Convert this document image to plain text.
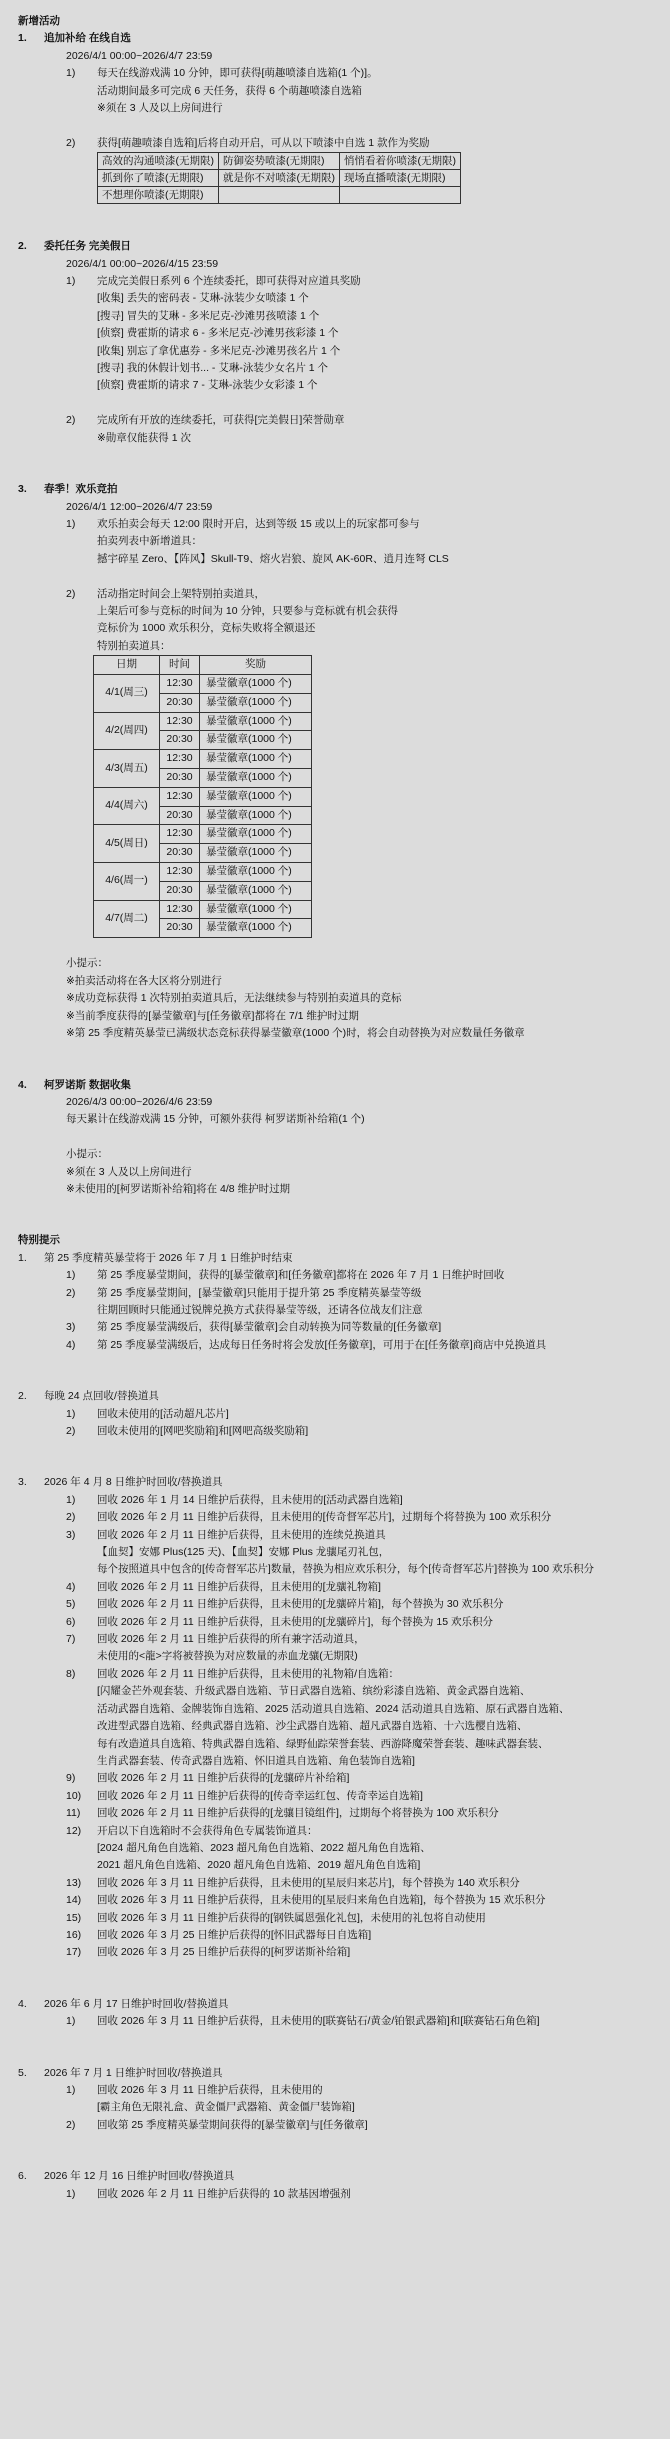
新增活动
1.	追加补给 在线自选
2026/4/1 00:00~2026/4/7 23:59
1) 每天在线游戏满 10 分钟，即可获得[萌趣喷漆自选箱(1 个)]。
活动期间最多可完成 6 天任务，获得 6 个萌趣喷漆自选箱
※须在 3 人及以上房间进行
2) 获得[萌趣喷漆自选箱]后将自动开启，可从以下喷漆中自选 1 款作为奖励
高效的沟通喷漆(无期限)	防御姿势喷漆(无期限)	悄悄看着你喷漆(无期限)
抓到你了喷漆(无期限)	就是你不对喷漆(无期限)	现场直播喷漆(无期限)
不想理你喷漆(无期限)		
2.	委托任务 完美假日
2026/4/1 00:00~2026/4/15 23:59
1) 完成完美假日系列 6 个连续委托，即可获得对应道具奖励
[收集] 丢失的密码表 - 艾琳-泳装少女喷漆 1 个
[搜寻] 冒失的艾琳 - 多米尼克-沙滩男孩喷漆 1 个
[侦察] 费霍斯的请求 6 - 多米尼克-沙滩男孩彩漆 1 个
[收集] 别忘了拿优惠券 - 多米尼克-沙滩男孩名片 1 个
[搜寻] 我的休假计划书... - 艾琳-泳装少女名片 1 个
[侦察] 费霍斯的请求 7 - 艾琳-泳装少女彩漆 1 个
2) 完成所有开放的连续委托，可获得[完美假日]荣誉勋章
※勋章仅能获得 1 次
3.	春季！欢乐竞拍
2026/4/1 12:00~2026/4/7 23:59
1) 欢乐拍卖会每天 12:00 限时开启，达到等级 15 或以上的玩家都可参与
拍卖列表中新增道具：
撼宇碎星 Zero、【阵风】Skull-T9、熔火岩狼、旋风 AK-60R、逍月连弩 CLS
2) 活动指定时间会上架特别拍卖道具，
上架后可参与竞标的时间为 10 分钟，只要参与竞标就有机会获得
竞标价为 1000 欢乐积分，竞标失败将全额退还
特别拍卖道具：
日期	时间	奖励
4/1(周三)	12:30	暴莹徽章(1000 个)
	20:30	暴莹徽章(1000 个)
4/2(周四)	12:30	暴莹徽章(1000 个)
	20:30	暴莹徽章(1000 个)
4/3(周五)	12:30	暴莹徽章(1000 个)
	20:30	暴莹徽章(1000 个)
4/4(周六)	12:30	暴莹徽章(1000 个)
	20:30	暴莹徽章(1000 个)
4/5(周日)	12:30	暴莹徽章(1000 个)
	20:30	暴莹徽章(1000 个)
4/6(周一)	12:30	暴莹徽章(1000 个)
	20:30	暴莹徽章(1000 个)
4/7(周二)	12:30	暴莹徽章(1000 个)
	20:30	暴莹徽章(1000 个)
小提示：
※拍卖活动将在各大区将分别进行
※成功竞标获得 1 次特别拍卖道具后，无法继续参与特别拍卖道具的竞标
※当前季度获得的[暴莹徽章]与[任务徽章]都将在 7/1 维护时过期
※第 25 季度精英暴莹已满级状态竞标获得暴莹徽章(1000 个)时，将会自动替换为对应数量任务徽章
4.	柯罗诺斯 数据收集
2026/4/3 00:00~2026/4/6 23:59
每天累计在线游戏满 15 分钟，可额外获得 柯罗诺斯补给箱(1 个)
小提示：
※须在 3 人及以上房间进行
※未使用的[柯罗诺斯补给箱]将在 4/8 维护时过期
特别提示
1.	第 25 季度精英暴莹将于 2026 年 7 月 1 日维护时结束
1) 第 25 季度暴莹期间，获得的[暴莹徽章]和[任务徽章]都将在 2026 年 7 月 1 日维护时回收
2) 第 25 季度暴莹期间，[暴莹徽章]只能用于提升第 25 季度精英暴莹等级
往期回顾时只能通过锐牌兑换方式获得暴莹等级，还请各位战友们注意
3) 第 25 季度暴莹满级后，获得[暴莹徽章]会自动转换为同等数量的[任务徽章]
4) 第 25 季度暴莹满级后，达成每日任务时将会发放[任务徽章]，可用于在[任务徽章]商店中兑换道具
2.	每晚 24 点回收/替换道具
1) 回收未使用的[活动超凡芯片]
2) 回收未使用的[网吧奖励箱]和[网吧高级奖励箱]
3.	2026 年 4 月 8 日维护时回收/替换道具
1) 回收 2026 年 1 月 14 日维护后获得，且未使用的[活动武器自选箱]
2) 回收 2026 年 2 月 11 日维护后获得，且未使用的[传奇督军芯片]，过期每个将替换为 100 欢乐积分
3) 回收 2026 年 2 月 11 日维护后获得，且未使用的连续兑换道具
【血契】安娜 Plus(125 天)、【血契】安娜 Plus 龙骧尾刃礼包，
每个按照道具中包含的[传奇督军芯片]数量，替换为相应欢乐积分，每个[传奇督军芯片]替换为 100 欢乐积分
4) 回收 2026 年 2 月 11 日维护后获得，且未使用的[龙骧礼物箱]
5) 回收 2026 年 2 月 11 日维护后获得，且未使用的[龙骧碎片箱]，每个替换为 30 欢乐积分
6) 回收 2026 年 2 月 11 日维护后获得，且未使用的[龙骧碎片]，每个替换为 15 欢乐积分
7) 回收 2026 年 2 月 11 日维护后获得的所有兼字活动道具，
未使用的<龍>字将被替换为对应数量的赤血龙骧(无期限)
8) 回收 2026 年 2 月 11 日维护后获得，且未使用的礼物箱/自选箱：
[闪耀金芒外观套装、升级武器自选箱、节日武器自选箱、缤纷彩漆自选箱、黄金武器自选箱、
活动武器自选箱、金牌装饰自选箱、2025 活动道具自选箱、2024 活动道具自选箱、原石武器自选箱、
改进型武器自选箱、经典武器自选箱、沙尘武器自选箱、超凡武器自选箱、十六选樱自选箱、
每有改造道具自选箱、特典武器自选箱、绿野仙踪荣誉套装、西游降魔荣誉套装、趣味武器套装、
生肖武器套装、传奇武器自选箱、怀旧道具自选箱、角色装饰自选箱]
9) 回收 2026 年 2 月 11 日维护后获得的[龙骧碎片补给箱]
10) 回收 2026 年 2 月 11 日维护后获得的[传奇幸运红包、传奇幸运自选箱]
11) 回收 2026 年 2 月 11 日维护后获得的[龙骧目镜组件]，过期每个将替换为 100 欢乐积分
12) 开启以下自选箱时不会获得角色专属装饰道具：
[2024 超凡角色自选箱、2023 超凡角色自选箱、2022 超凡角色自选箱、
2021 超凡角色自选箱、2020 超凡角色自选箱、2019 超凡角色自选箱]
13) 回收 2026 年 3 月 11 日维护后获得，且未使用的[星辰归来芯片]，每个替换为 140 欢乐积分
14) 回收 2026 年 3 月 11 日维护后获得，且未使用的[星辰归来角色自选箱]，每个替换为 15 欢乐积分
15) 回收 2026 年 3 月 11 日维护后获得的[钢铁属恩强化礼包]，未使用的礼包将自动使用
16) 回收 2026 年 3 月 25 日维护后获得的[怀旧武器每日自选箱]
17) 回收 2026 年 3 月 25 日维护后获得的[柯罗诺斯补给箱]
4.	2026 年 6 月 17 日维护时回收/替换道具
1) 回收 2026 年 3 月 11 日维护后获得，且未使用的[联赛钻石/黄金/铂银武器箱]和[联赛钻石角色箱]
5.	2026 年 7 月 1 日维护时回收/替换道具
1) 回收 2026 年 3 月 11 日维护后获得，且未使用的
[霸主角色无限礼盒、黄金僵尸武器箱、黄金僵尸装饰箱]
2) 回收第 25 季度精英暴莹期间获得的[暴莹徽章]与[任务徽章]
6.	2026 年 12 月 16 日维护时回收/替换道具
1) 回收 2026 年 2 月 11 日维护后获得的 10 款基因增强剂
